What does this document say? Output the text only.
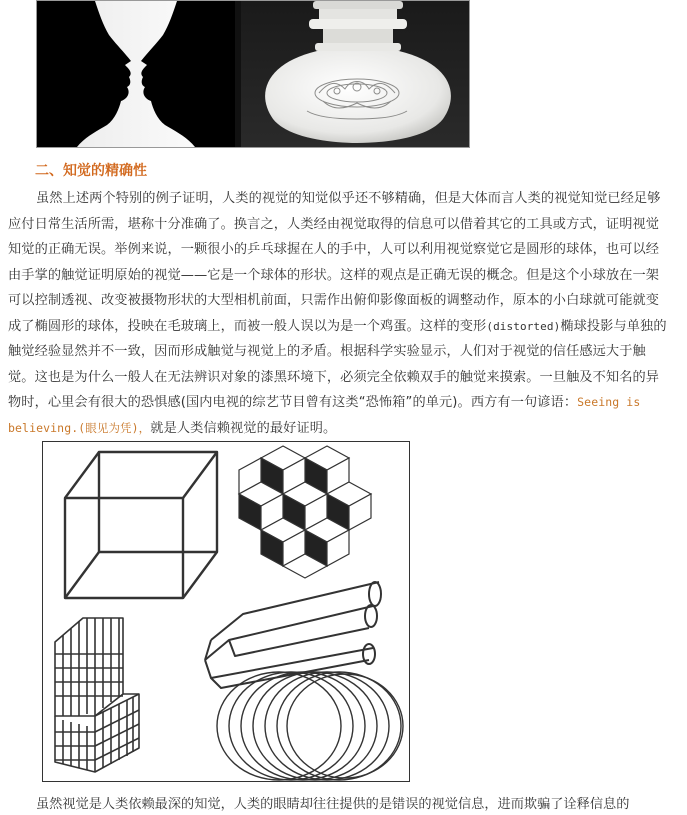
二、知觉的精确性

虽然上述两个特别的例子证明，人类的视觉的知觉似乎还不够精确，但是大体而言人类的视觉知觉已经足够应付日常生活所需，堪称十分准确了。换言之，人类经由视觉取得的信息可以借着其它的工具或方式，证明视觉知觉的正确无误。举例来说，一颗很小的乒乓球握在人的手中，人可以利用视觉察觉它是圆形的球体，也可以经由手掌的触觉证明原始的视觉——它是一个球体的形状。这样的观点是正确无误的概念。但是这个小球放在一架可以控制透视、改变被摄物形状的大型相机前面，只需作出俯仰影像面板的调整动作，原本的小白球就可能就变成了椭圆形的球体，投映在毛玻璃上，而被一般人误以为是一个鸡蛋。这样的变形(distorted)椭球投影与单独的触觉经验显然并不一致，因而形成触觉与视觉上的矛盾。根据科学实验显示，人们对于视觉的信任感远大于触觉。这也是为什么一般人在无法辨识对象的漆黑环境下，必须完全依赖双手的触觉来摸索。一旦触及不知名的异物时，心里会有很大的恐惧感(国内电视的综艺节目曾有这类“恐怖箱”的单元)。西方有一句谚语：Seeing is believing.(眼见为凭)，就是人类信赖视觉的最好证明。

虽然视觉是人类依赖最深的知觉，人类的眼睛却往往提供的是错误的视觉信息，进而欺骗了诠释信息的
